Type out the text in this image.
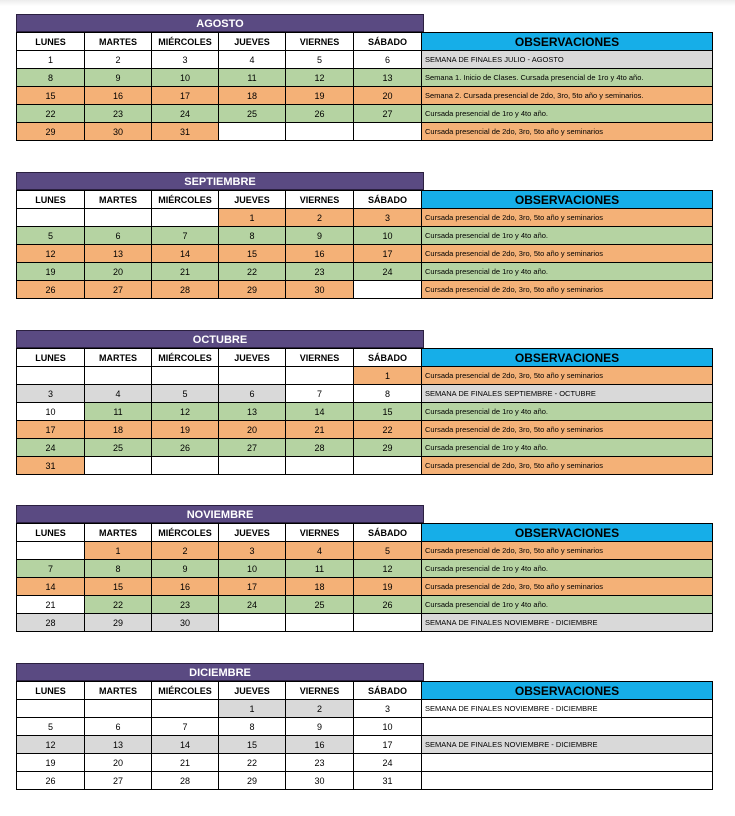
AGOSTO
LUNES	MARTES	MIÉRCOLES	JUEVES	VIERNES	SÁBADO	OBSERVACIONES
1	2	3	4	5	6	SEMANA DE FINALES JULIO - AGOSTO
8	9	10	11	12	13	Semana 1. Inicio de Clases. Cursada presencial de 1ro y 4to año.
15	16	17	18	19	20	Semana 2. Cursada presencial de 2do, 3ro, 5to año y seminarios.
22	23	24	25	26	27	Cursada presencial de 1ro y 4to año.
29	30	31				Cursada presencial de 2do, 3ro, 5to año y seminarios
SEPTIEMBRE
LUNES	MARTES	MIÉRCOLES	JUEVES	VIERNES	SÁBADO	OBSERVACIONES
			1	2	3	Cursada presencial de 2do, 3ro, 5to año y seminarios
5	6	7	8	9	10	Cursada presencial de 1ro y 4to año.
12	13	14	15	16	17	Cursada presencial de 2do, 3ro, 5to año y seminarios
19	20	21	22	23	24	Cursada presencial de 1ro y 4to año.
26	27	28	29	30		Cursada presencial de 2do, 3ro, 5to año y seminarios
OCTUBRE
LUNES	MARTES	MIÉRCOLES	JUEVES	VIERNES	SÁBADO	OBSERVACIONES
					1	Cursada presencial de 2do, 3ro, 5to año y seminarios
3	4	5	6	7	8	SEMANA DE FINALES SEPTIEMBRE - OCTUBRE
10	11	12	13	14	15	Cursada presencial de 1ro y 4to año.
17	18	19	20	21	22	Cursada presencial de 2do, 3ro, 5to año y seminarios
24	25	26	27	28	29	Cursada presencial de 1ro y 4to año.
31						Cursada presencial de 2do, 3ro, 5to año y seminarios
NOVIEMBRE
LUNES	MARTES	MIÉRCOLES	JUEVES	VIERNES	SÁBADO	OBSERVACIONES
	1	2	3	4	5	Cursada presencial de 2do, 3ro, 5to año y seminarios
7	8	9	10	11	12	Cursada presencial de 1ro y 4to año.
14	15	16	17	18	19	Cursada presencial de 2do, 3ro, 5to año y seminarios
21	22	23	24	25	26	Cursada presencial de 1ro y 4to año.
28	29	30				SEMANA DE FINALES NOVIEMBRE - DICIEMBRE
DICIEMBRE
LUNES	MARTES	MIÉRCOLES	JUEVES	VIERNES	SÁBADO	OBSERVACIONES
			1	2	3	SEMANA DE FINALES NOVIEMBRE - DICIEMBRE
5	6	7	8	9	10	
12	13	14	15	16	17	SEMANA DE FINALES NOVIEMBRE - DICIEMBRE
19	20	21	22	23	24	
26	27	28	29	30	31	
